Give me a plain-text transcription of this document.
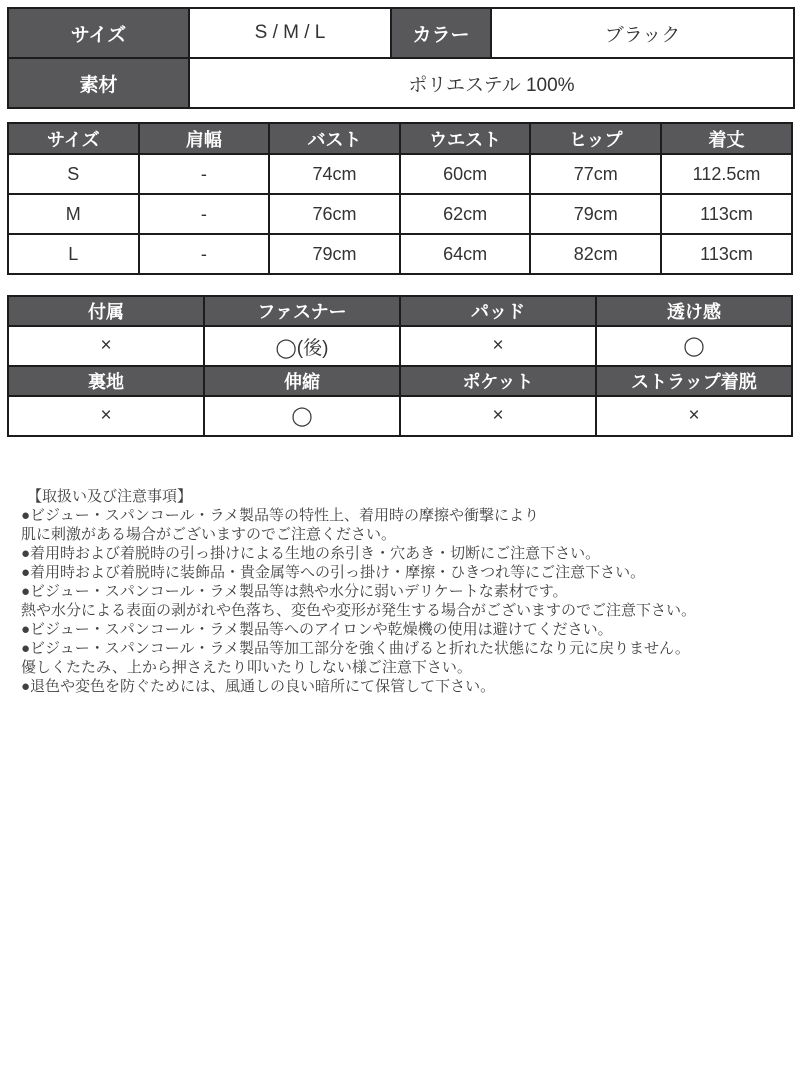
サイズ	S / M / L	カラー	ブラック
素材	ポリエステル 100%		
サイズ	肩幅	バスト	ウエスト	ヒップ	着丈
S	-	74cm	60cm	77cm	112.5cm
M	-	76cm	62cm	79cm	113cm
L	-	79cm	64cm	82cm	113cm
付属	ファスナー	パッド	透け感
×	◯(後)	×	◯
裏地	伸縮	ポケット	ストラップ着脱
×	◯	×	×
【取扱い及び注意事項】
●ビジュー・スパンコール・ラメ製品等の特性上、着用時の摩擦や衝撃により
肌に刺激がある場合がございますのでご注意ください。
●着用時および着脱時の引っ掛けによる生地の糸引き・穴あき・切断にご注意下さい。
●着用時および着脱時に装飾品・貴金属等への引っ掛け・摩擦・ひきつれ等にご注意下さい。
●ビジュー・スパンコール・ラメ製品等は熱や水分に弱いデリケートな素材です。
熱や水分による表面の剥がれや色落ち、変色や変形が発生する場合がございますのでご注意下さい。
●ビジュー・スパンコール・ラメ製品等へのアイロンや乾燥機の使用は避けてください。
●ビジュー・スパンコール・ラメ製品等加工部分を強く曲げると折れた状態になり元に戻りません。
優しくたたみ、上から押さえたり叩いたりしない様ご注意下さい。
●退色や変色を防ぐためには、風通しの良い暗所にて保管して下さい。
